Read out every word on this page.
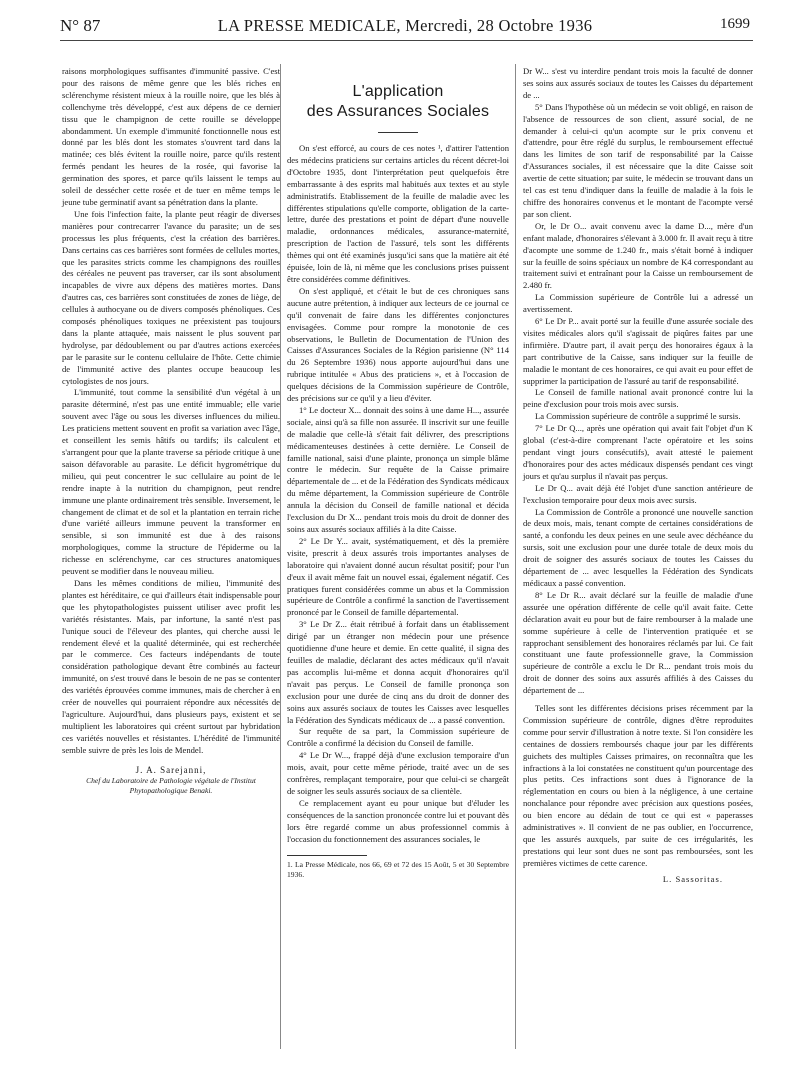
N° 87	LA PRESSE MEDICALE, Mercredi, 28 Octobre 1936	1699

raisons morphologiques suffisantes d'immunité passive. C'est pour des raisons de même genre que les blés riches en sclérenchyme résistent mieux à la rouille noire, que les blés à collenchyme très développé, c'est aux dépens de ce dernier tissu que le champignon de cette rouille se développe abondamment. Un exemple d'immunité fonctionnelle nous est donné par les blés dont les stomates s'ouvrent tard dans la matinée; ces blés évitent la rouille noire, parce qu'ils restent fermés pendant les heures de la rosée, qui favorise la germination des spores, et parce qu'ils laissent le temps au soleil de dessécher cette rosée et de tuer en même temps le jeune tube germinatif avant sa pénétration dans la plante.

Une fois l'infection faite, la plante peut réagir de diverses manières pour contrecarrer l'avance du parasite; un de ses processus les plus fréquents, c'est la création des barrières. Dans certains cas ces barrières sont formées de cellules mortes, que les parasites stricts comme les champignons des rouilles des céréales ne peuvent pas traverser, car ils sont absolument incapables de vivre aux dépens des matières mortes. Dans d'autres cas, ces barrières sont constituées de zones de liège, de cellules à authocyane ou de divers composés phénoliques. Ces composés phénoliques toxiques ne préexistent pas toujours dans la plante attaquée, mais naissent le plus souvent par hydrolyse, par dédoublement ou par d'autres actions exercées par le parasite sur le contenu cellulaire de l'hôte. Cette chimie de l'immunité active des plantes occupe beaucoup les cytologistes de nos jours.

L'immunité, tout comme la sensibilité d'un végétal à un parasite déterminé, n'est pas une entité immuable; elle varie souvent avec l'âge ou sous les diverses influences du milieu. Les praticiens mettent souvent en profit sa variation avec l'âge, et conseillent les semis hâtifs ou tardifs; ils calculent et s'arrangent pour que la plante traverse sa période critique à une saison défavorable au parasite. Le déficit hygrométrique du milieu, qui peut concentrer le suc cellulaire au point de le rendre inapte à la nutrition du champignon, peut rendre immune une plante ordinairement très sensible. Inversement, le changement de climat et de sol et la plantation en terrain riche d'une variété ailleurs immune peuvent la transformer en sensible, si son immunité est due à des raisons morphologiques, comme la structure de l'épiderme ou la richesse en sclérenchyme, car ces structures anatomiques peuvent se modifier dans le nouveau milieu.

Dans les mêmes conditions de milieu, l'immunité des plantes est héréditaire, ce qui d'ailleurs était indispensable pour que les phytopathologistes puissent utiliser avec profit les variétés résistantes. Mais, par infortune, la santé n'est pas l'unique souci de l'éleveur des plantes, qui cherche aussi le rendement élevé et la qualité déterminée, qui est recherchée par le commerce. Ces facteurs indépendants de toute considération pathologique devant être combinés au facteur immunité, on s'est trouvé dans le besoin de ne pas se contenter des variétés éprouvées comme immunes, mais de chercher à en créer de nouvelles qui pourraient répondre aux nécessités de l'agriculture. Aujourd'hui, dans plusieurs pays, existent et se multiplient les laboratoires qui créent surtout par hybridation ces variétés nouvelles et résistantes. L'hérédité de l'immunité semble suivre de près les lois de Mendel.

J. A. Sarejanni,

Chef du Laboratoire de Pathologie végétale de l'Institut Phytopathologique Benaki.

L'application
des Assurances Sociales

On s'est efforcé, au cours de ces notes ¹, d'attirer l'attention des médecins praticiens sur certains articles du récent décret-loi d'Octobre 1935, dont l'interprétation peut quelquefois être embarrassante à des esprits mal habitués aux textes et au style administratifs. Etablissement de la feuille de maladie avec les différentes stipulations qu'elle comporte, obligation de la carte-lettre, durée des prestations et point de départ d'une nouvelle maladie, ordonnances médicales, assurance-maternité, prescription de l'action de l'assuré, tels sont les différents thèmes qui ont été examinés jusqu'ici sans que la matière ait été épuisée, loin de là, ni même que les conclusions prises puissent être considérées comme définitives.

On s'est appliqué, et c'était le but de ces chroniques sans aucune autre prétention, à indiquer aux lecteurs de ce journal ce qu'il convenait de faire dans les différentes conjonctures envisagées. Comme pour rompre la monotonie de ces observations, le Bulletin de Documentation de l'Union des Caisses d'Assurances Sociales de la Région parisienne (N° 114 du 26 Septembre 1936) nous apporte aujourd'hui dans une rubrique intitulée « Abus des praticiens », et à l'occasion de quelques décisions de la Commission supérieure de Contrôle, des précisions sur ce qu'il y a lieu d'éviter.

1° Le docteur X... donnait des soins à une dame H..., assurée sociale, ainsi qu'à sa fille non assurée. Il inscrivit sur une feuille de maladie que celle-là s'était fait délivrer, des prescriptions médicamenteuses destinées à cette dernière. Le Conseil de famille national, saisi d'une plainte, prononça un simple blâme contre le médecin. Sur requête de la Caisse primaire départementale de ... et de la Fédération des Syndicats médicaux du même département, la Commission supérieure de Contrôle annula la décision du Conseil de famille national et décida l'exclusion du Dr X... pendant trois mois du droit de donner des soins aux assurés sociaux affiliés à la dite Caisse.

2° Le Dr Y... avait, systématiquement, et dès la première visite, prescrit à deux assurés trois importantes analyses de laboratoire qui n'avaient donné aucun résultat positif; pour l'un d'eux il avait même fait un nouvel essai, également négatif. Ces pratiques furent considérées comme un abus et la Commission supérieure de Contrôle a confirmé la sanction de l'avertissement prononcé par le Conseil de famille départemental.

3° Le Dr Z... était rétribué à forfait dans un établissement dirigé par un étranger non médecin pour une présence quotidienne d'une heure et demie. En cette qualité, il signa des feuilles de maladie, déclarant des actes médicaux qu'il n'avait pas accomplis lui-même et donna acquit d'honoraires qu'il n'avait pas perçus. Le Conseil de famille prononça son exclusion pour une durée de cinq ans du droit de donner des soins aux assurés sociaux de toutes les Caisses avec lesquelles la Fédération des Syndicats médicaux de ... a passé convention.

Sur requête de sa part, la Commission supérieure de Contrôle a confirmé la décision du Conseil de famille.

4° Le Dr W..., frappé déjà d'une exclusion temporaire d'un mois, avait, pour cette même période, traité avec un de ses confrères, remplaçant temporaire, pour que celui-ci se chargeât de soigner les seuls assurés sociaux de sa clientèle.

Ce remplacement ayant eu pour unique but d'éluder les conséquences de la sanction prononcée contre lui et pouvant dès lors être regardé comme un abus professionnel commis à l'occasion du fonctionnement des assurances sociales, le

1. La Presse Médicale, nos 66, 69 et 72 des 15 Août, 5 et 30 Septembre 1936.

Dr W... s'est vu interdire pendant trois mois la faculté de donner ses soins aux assurés sociaux de toutes les Caisses du département de ...

5° Dans l'hypothèse où un médecin se voit obligé, en raison de l'absence de ressources de son client, assuré social, de ne demander à celui-ci qu'un acompte sur le prix convenu et d'attendre, pour être réglé du surplus, le remboursement effectué dans les limites de son tarif de responsabilité par la Caisse d'Assurances sociales, il est nécessaire que la dite Caisse soit avertie de cette situation; par suite, le médecin se trouvant dans un tel cas est tenu d'indiquer dans la feuille de maladie à la fois le chiffre des honoraires convenus et le montant de l'acompte versé par son client.

Or, le Dr O... avait convenu avec la dame D..., mère d'un enfant malade, d'honoraires s'élevant à 3.000 fr. Il avait reçu à titre d'acompte une somme de 1.240 fr., mais s'était borné à indiquer sur la feuille de soins spéciaux un nombre de K4 correspondant au traitement suivi et entraînant pour la Caisse un remboursement de 2.480 fr.

La Commission supérieure de Contrôle lui a adressé un avertissement.

6° Le Dr P... avait porté sur la feuille d'une assurée sociale des visites médicales alors qu'il s'agissait de piqûres faites par une infirmière. D'autre part, il avait perçu des honoraires égaux à la part contributive de la Caisse, sans indiquer sur la feuille de maladie le montant de ces honoraires, ce qui avait eu pour effet de supprimer la participation de l'assuré au tarif de responsabilité.

Le Conseil de famille national avait prononcé contre lui la peine d'exclusion pour trois mois avec sursis.

La Commission supérieure de contrôle a supprimé le sursis.

7° Le Dr Q..., après une opération qui avait fait l'objet d'un K global (c'est-à-dire comprenant l'acte opératoire et les soins pendant vingt jours consécutifs), avait attesté le paiement d'honoraires pour des actes médicaux dispensés pendant ces vingt jours et qu'au surplus il n'avait pas perçus.

Le Dr Q... avait déjà été l'objet d'une sanction antérieure de l'exclusion temporaire pour deux mois avec sursis.

La Commission de Contrôle a prononcé une nouvelle sanction de deux mois, mais, tenant compte de certaines considérations de santé, a confondu les deux peines en une seule avec déchéance du sursis, soit une exclusion pour une durée totale de deux mois du droit de soigner des assurés sociaux de toutes les Caisses du département de ... avec lesquelles la Fédération des Syndicats médicaux a passé convention.

8° Le Dr R... avait déclaré sur la feuille de maladie d'une assurée une opération différente de celle qu'il avait faite. Cette déclaration avait eu pour but de faire rembourser à la malade une somme supérieure à celle de l'intervention pratiquée et se rapprochant sensiblement des honoraires réclamés par lui. Ce fait constituant une faute professionnelle grave, la Commission supérieure de contrôle a exclu le Dr R... pendant trois mois du droit de donner des soins aux assurés affiliés à des Caisses du département de ...

Telles sont les différentes décisions prises récemment par la Commission supérieure de contrôle, dignes d'être reproduites comme pour servir d'illustration à notre texte. Si l'on considère les centaines de dossiers remboursés chaque jour par les différents guichets des multiples Caisses primaires, on reconnaîtra que les infractions à la loi constatées ne constituent qu'un pourcentage des plus petits. Ces infractions sont dues à l'ignorance de la réglementation en cours ou bien à la négligence, à une certaine nonchalance pour répondre avec précision aux questions posées, ou bien encore au dédain de tout ce qui est « paperasses administratives ». Il convient de ne pas oublier, en l'occurrence, que les assurés auxquels, par suite de ces irrégularités, les prestations qui leur sont dues ne sont pas remboursées, sont les premières victimes de cette carence.

L. Sassoritas.
